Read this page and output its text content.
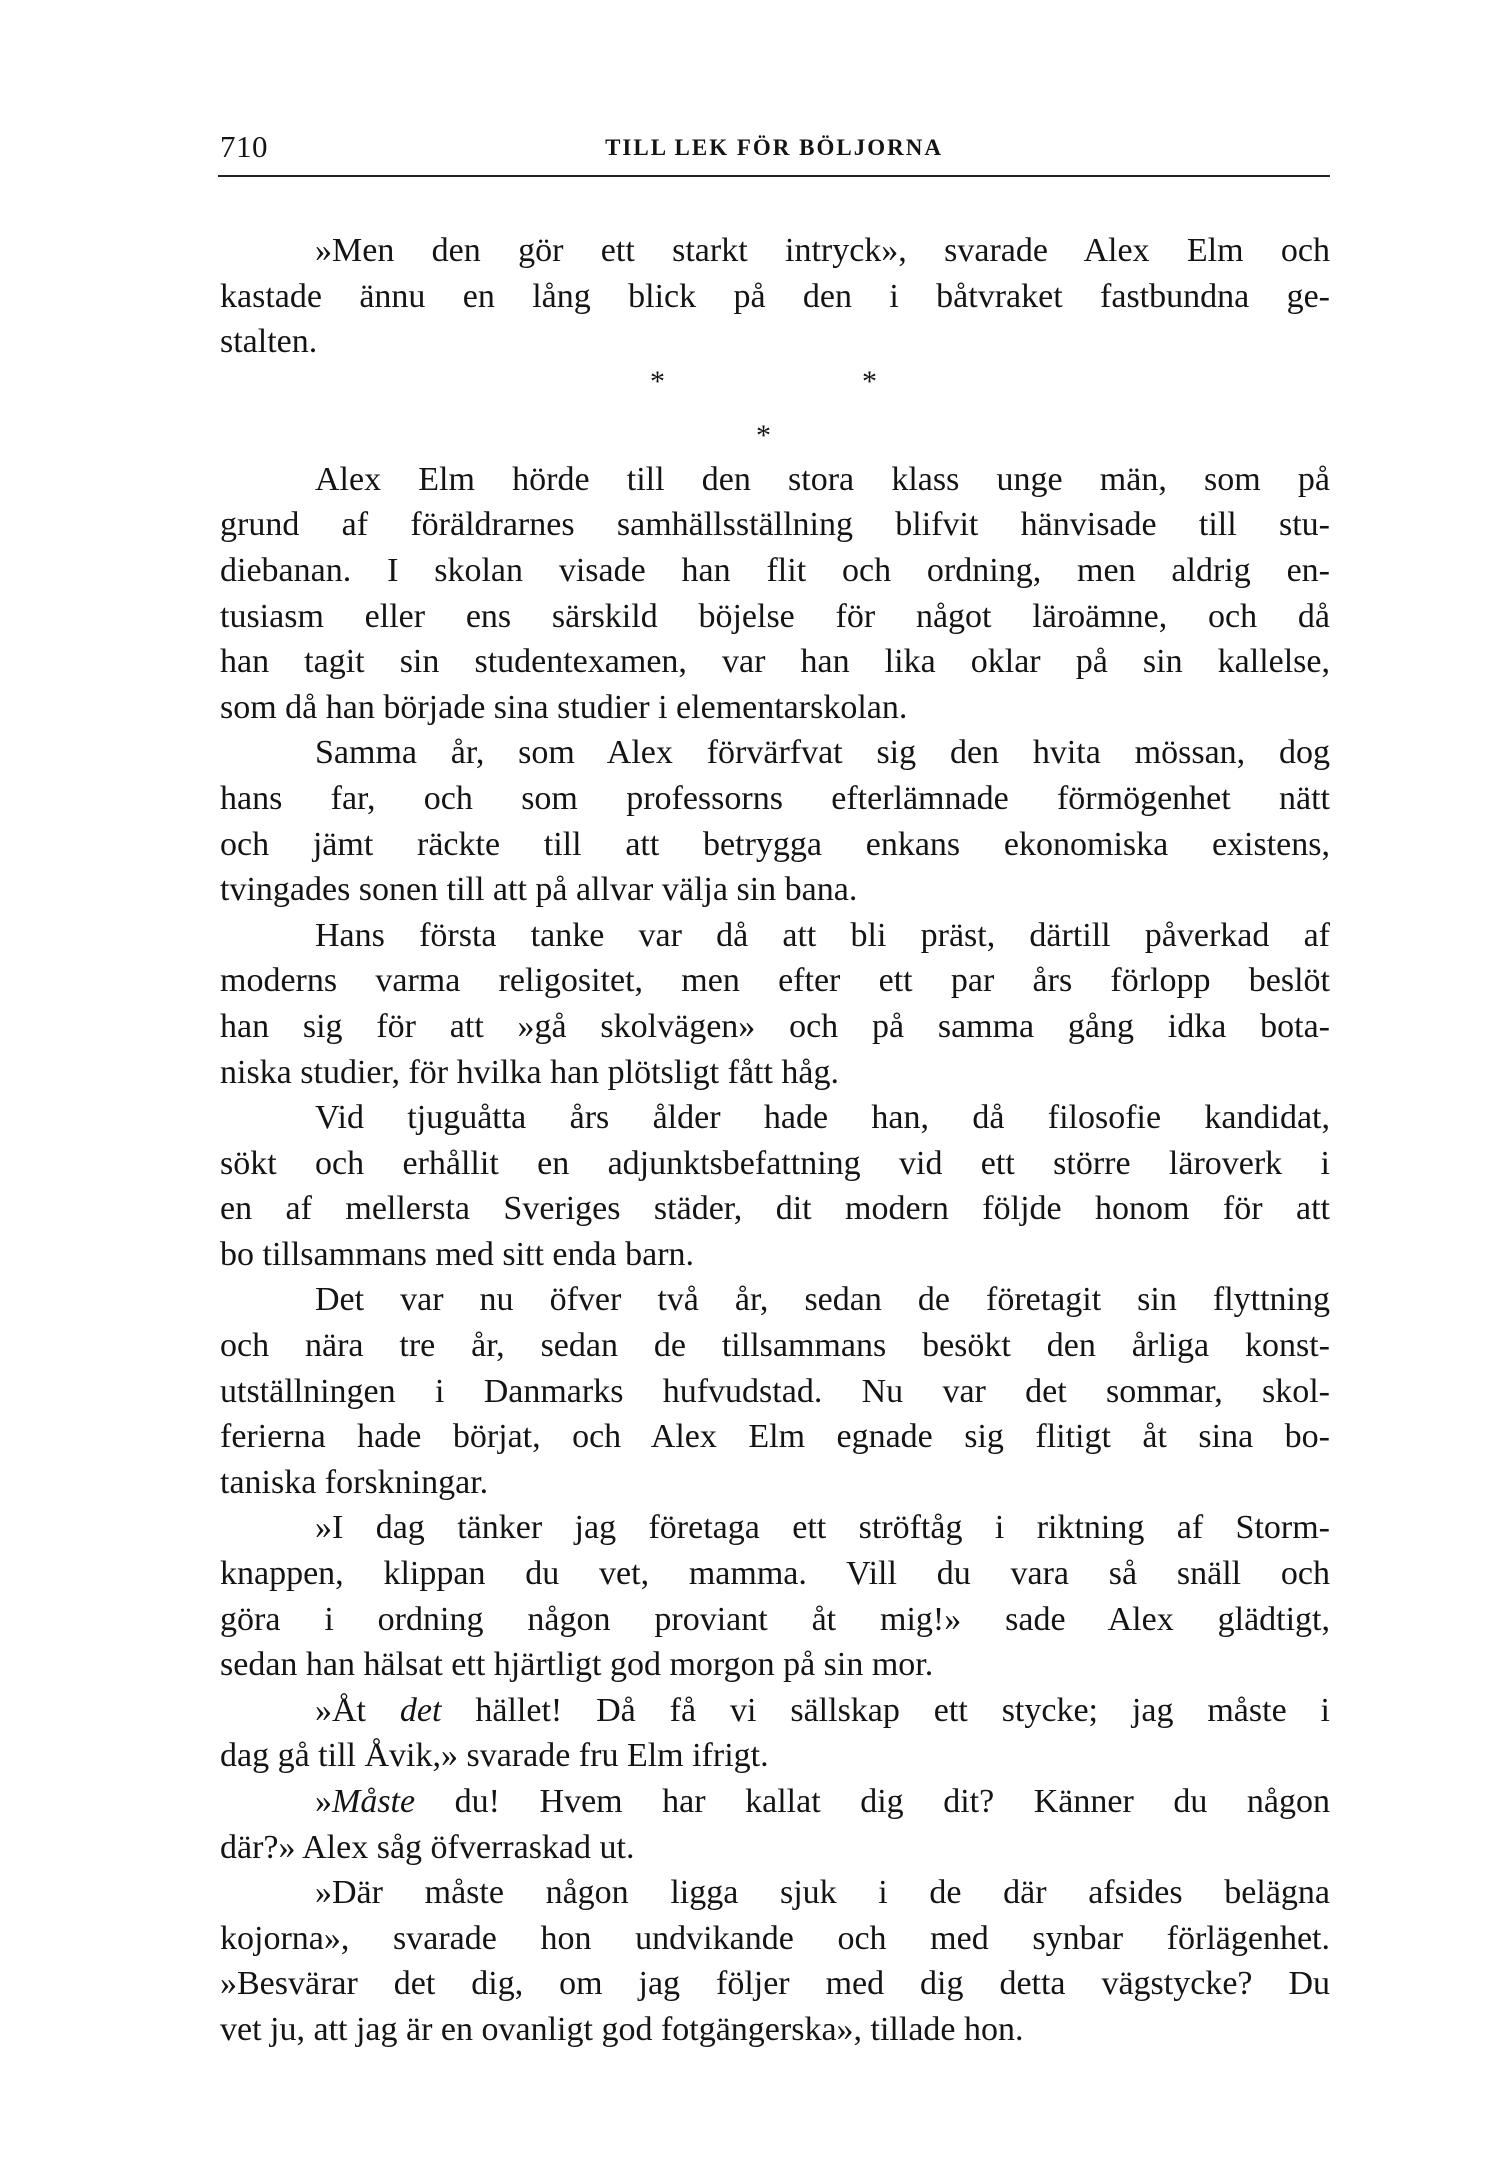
710	TILL LEK FÖR BÖLJORNA
»Men den gör ett starkt intryck», svarade Alex Elm och
kastade ännu en lång blick på den i båtvraket fastbundna ge-
stalten.
*	*
*
Alex Elm hörde till den stora klass unge män, som på
grund af föräldrarnes samhällsställning blifvit hänvisade till stu-
diebanan. I skolan visade han flit och ordning, men aldrig en-
tusiasm eller ens särskild böjelse för något läroämne, och då
han tagit sin studentexamen, var han lika oklar på sin kallelse,
som då han började sina studier i elementarskolan.
Samma år, som Alex förvärfvat sig den hvita mössan, dog
hans far, och som professorns efterlämnade förmögenhet nätt
och jämt räckte till att betrygga enkans ekonomiska existens,
tvingades sonen till att på allvar välja sin bana.
Hans första tanke var då att bli präst, därtill påverkad af
moderns varma religositet, men efter ett par års förlopp beslöt
han sig för att »gå skolvägen» och på samma gång idka bota-
niska studier, för hvilka han plötsligt fått håg.
Vid tjuguåtta års ålder hade han, då filosofie kandidat,
sökt och erhållit en adjunktsbefattning vid ett större läroverk i
en af mellersta Sveriges städer, dit modern följde honom för att
bo tillsammans med sitt enda barn.
Det var nu öfver två år, sedan de företagit sin flyttning
och nära tre år, sedan de tillsammans besökt den årliga konst-
utställningen i Danmarks hufvudstad. Nu var det sommar, skol-
ferierna hade börjat, och Alex Elm egnade sig flitigt åt sina bo-
taniska forskningar.
»I dag tänker jag företaga ett ströftåg i riktning af Storm-
knappen, klippan du vet, mamma. Vill du vara så snäll och
göra i ordning någon proviant åt mig!» sade Alex glädtigt,
sedan han hälsat ett hjärtligt god morgon på sin mor.
»Åt det hället! Då få vi sällskap ett stycke; jag måste i
dag gå till Åvik,» svarade fru Elm ifrigt.
»Måste du! Hvem har kallat dig dit? Känner du någon
där?» Alex såg öfverraskad ut.
»Där måste någon ligga sjuk i de där afsides belägna
kojorna», svarade hon undvikande och med synbar förlägenhet.
»Besvärar det dig, om jag följer med dig detta vägstycke? Du
vet ju, att jag är en ovanligt god fotgängerska», tillade hon.
